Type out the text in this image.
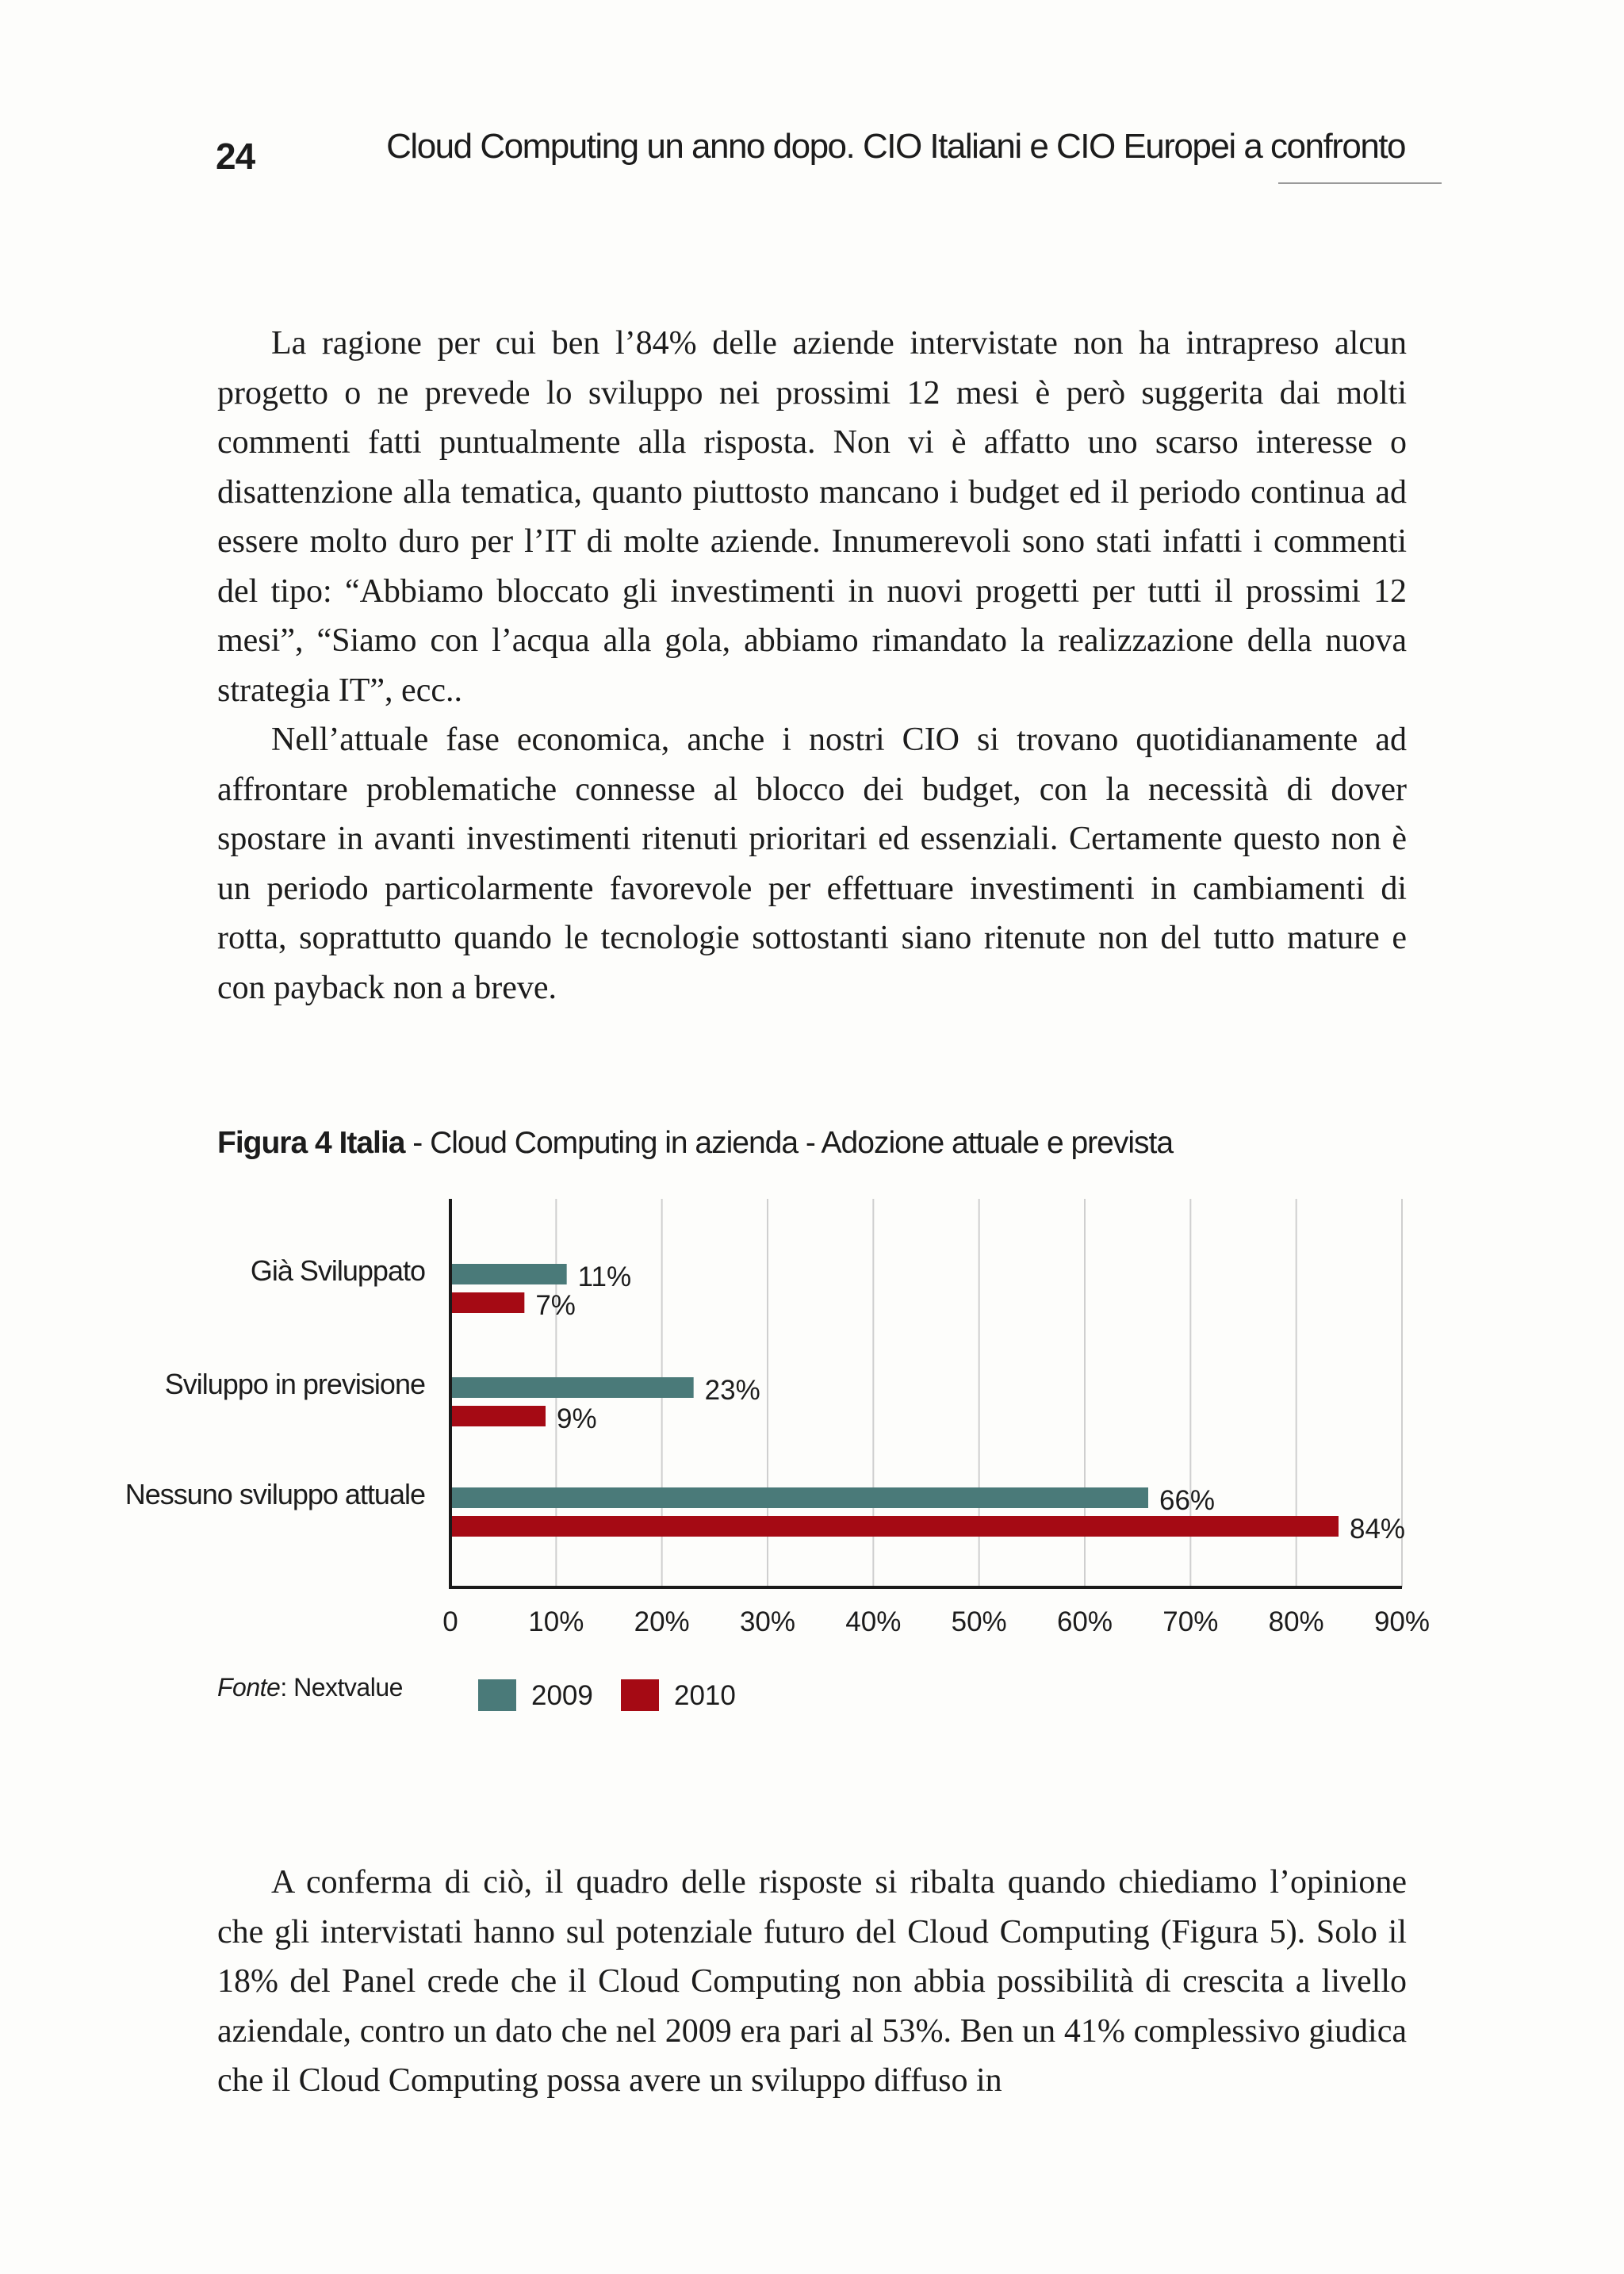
24	Cloud Computing un anno dopo. CIO Italiani e CIO Europei a confronto

La ragione per cui ben l’84% delle aziende intervistate non ha intrapreso alcun progetto o ne prevede lo sviluppo nei prossimi 12 mesi è però suggerita dai molti commenti fatti puntualmente alla risposta. Non vi è affatto uno scarso interesse o disattenzione alla tematica, quanto piuttosto mancano i budget ed il periodo continua ad essere molto duro per l’IT di molte aziende. Innumerevoli sono stati infatti i commenti del tipo: “Abbiamo bloccato gli investimenti in nuovi progetti per tutti il prossimi 12 mesi”, “Siamo con l’acqua alla gola, abbiamo rimandato la realizzazione della nuova strategia IT”, ecc..

Nell’attuale fase economica, anche i nostri CIO si trovano quotidianamente ad affrontare problematiche connesse al blocco dei budget, con la necessità di dover spostare in avanti investimenti ritenuti prioritari ed essenziali. Certamente questo non è un periodo particolarmente favorevole per effettuare investimenti in cambiamenti di rotta, soprattutto quando le tecnologie sottostanti siano ritenute non del tutto mature e con payback non a breve.

Figura 4 Italia - Cloud Computing in azienda - Adozione attuale e prevista
0	10% 20% 30% 40% 50% 60% 70% 80% 90%
Già Sviluppato	11%
7%
Sviluppo in previsione	23%
9%
Nessuno sviluppo attuale	66%
84%
2009	2010
Fonte: Nextvalue

A conferma di ciò, il quadro delle risposte si ribalta quando chiediamo l’opinione che gli intervistati hanno sul potenziale futuro del Cloud Computing (Figura 5). Solo il 18% del Panel crede che il Cloud Computing non abbia possibilità di crescita a livello aziendale, contro un dato che nel 2009 era pari al 53%. Ben un 41% complessivo giudica che il Cloud Computing possa avere un sviluppo diffuso in
